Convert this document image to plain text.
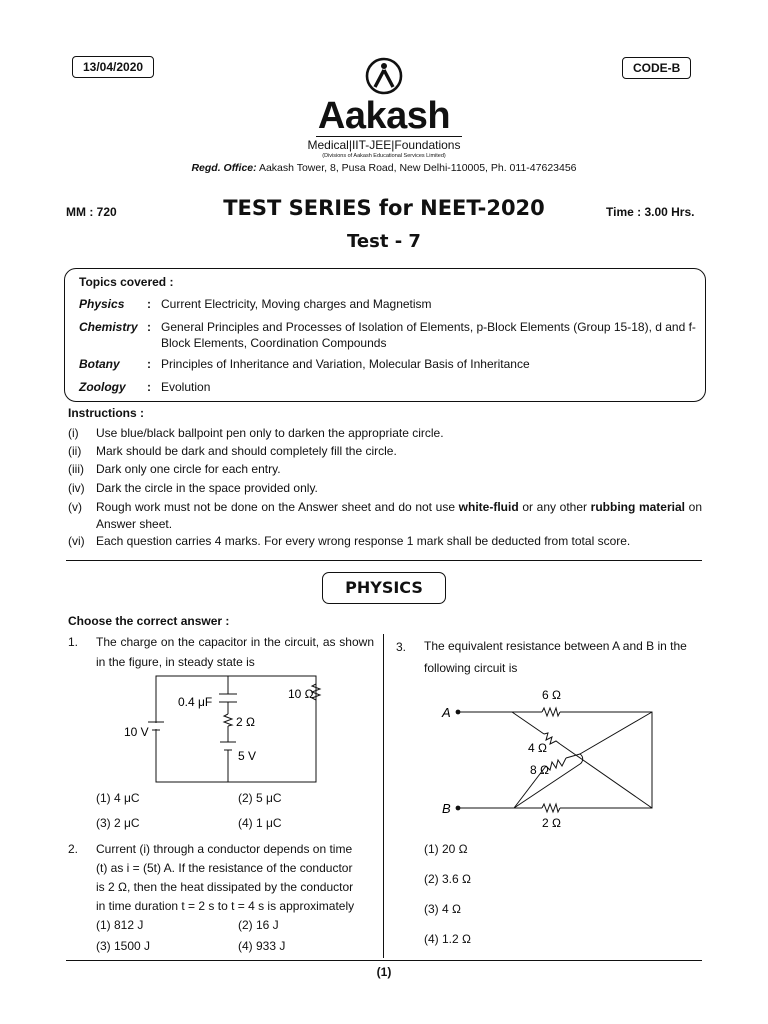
13/04/2020	CODE-B
Aakash
Medical|IIT-JEE|Foundations
(Divisions of Aakash Educational Services Limited)
Regd. Office: Aakash Tower, 8, Pusa Road, New Delhi-110005, Ph. 011-47623456
MM : 720	TEST SERIES for NEET-2020	Time : 3.00 Hrs.
Test - 7
Topics covered :
Physics	: Current Electricity, Moving charges and Magnetism
Chemistry : General Principles and Processes of Isolation of Elements, p-Block Elements (Group 15-18), d and f-Block Elements, Coordination Compounds
Botany	: Principles of Inheritance and Variation, Molecular Basis of Inheritance
Zoology	: Evolution
Instructions :
(i)	Use blue/black ballpoint pen only to darken the appropriate circle.
(ii)	Mark should be dark and should completely fill the circle.
(iii)	Dark only one circle for each entry.
(iv) Dark the circle in the space provided only.
(v)	Rough work must not be done on the Answer sheet and do not use white-fluid or any other rubbing material on Answer sheet.
(vi) Each question carries 4 marks. For every wrong response 1 mark shall be deducted from total score.
PHYSICS
Choose the correct answer :
1. The charge on the capacitor in the circuit, as shown in the figure, in steady state is
0.4 μF
10 Ω
2 Ω
10 V
5 V
(1) 4 μC	(2) 5 μC
(3) 2 μC	(4) 1 μC
2. Current (i) through a conductor depends on time
(t) as i = (5t) A. If the resistance of the conductor
is 2 Ω, then the heat dissipated by the conductor
in time duration t = 2 s to t = 4 s is approximately
(1) 812 J	(2) 16 J
(3) 1500 J	(4) 933 J
3. The equivalent resistance between A and B in the
following circuit is
A
B
6 Ω
4 Ω
8 Ω
2 Ω
(1) 20 Ω
(2) 3.6 Ω
(3) 4 Ω
(4) 1.2 Ω
(1)
